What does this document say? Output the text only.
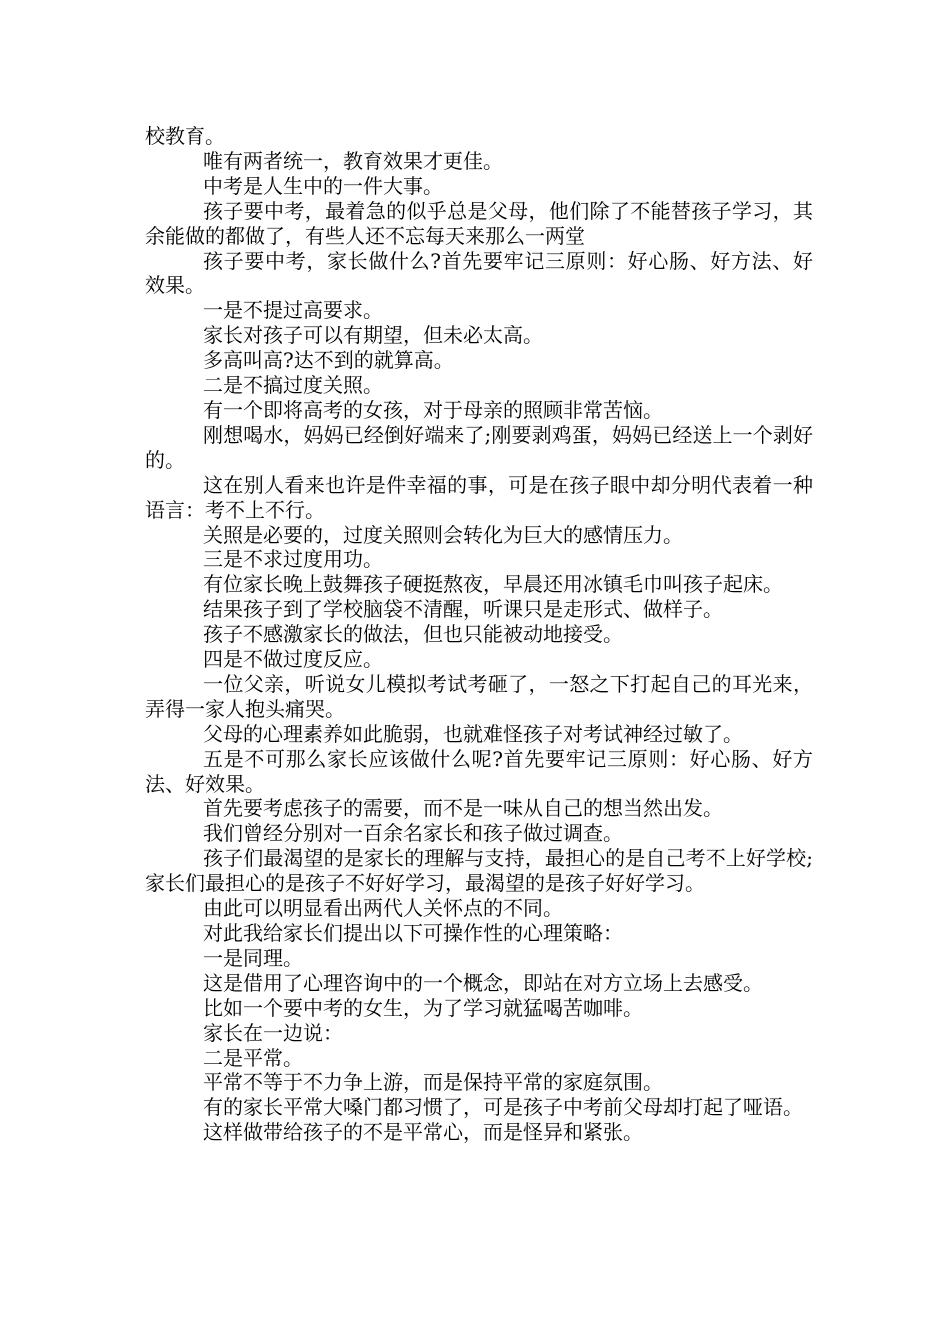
校教育。

唯有两者统一，教育效果才更佳。

中考是人生中的一件大事。

孩子要中考，最着急的似乎总是父母，他们除了不能替孩子学习，其余能做的都做了，有些人还不忘每天来那么一两堂

孩子要中考，家长做什么?首先要牢记三原则：好心肠、好方法、好效果。

一是不提过高要求。

家长对孩子可以有期望，但未必太高。

多高叫高?达不到的就算高。

二是不搞过度关照。

有一个即将高考的女孩，对于母亲的照顾非常苦恼。

刚想喝水，妈妈已经倒好端来了;刚要剥鸡蛋，妈妈已经送上一个剥好的。

这在别人看来也许是件幸福的事，可是在孩子眼中却分明代表着一种语言：考不上不行。

关照是必要的，过度关照则会转化为巨大的感情压力。

三是不求过度用功。

有位家长晚上鼓舞孩子硬挺熬夜，早晨还用冰镇毛巾叫孩子起床。

结果孩子到了学校脑袋不清醒，听课只是走形式、做样子。

孩子不感激家长的做法，但也只能被动地接受。

四是不做过度反应。

一位父亲，听说女儿模拟考试考砸了，一怒之下打起自己的耳光来，弄得一家人抱头痛哭。

父母的心理素养如此脆弱，也就难怪孩子对考试神经过敏了。

五是不可那么家长应该做什么呢?首先要牢记三原则：好心肠、好方法、好效果。

首先要考虑孩子的需要，而不是一味从自己的想当然出发。

我们曾经分别对一百余名家长和孩子做过调查。

孩子们最渴望的是家长的理解与支持，最担心的是自己考不上好学校;家长们最担心的是孩子不好好学习，最渴望的是孩子好好学习。

由此可以明显看出两代人关怀点的不同。

对此我给家长们提出以下可操作性的心理策略：

一是同理。

这是借用了心理咨询中的一个概念，即站在对方立场上去感受。

比如一个要中考的女生，为了学习就猛喝苦咖啡。

家长在一边说：

二是平常。

平常不等于不力争上游，而是保持平常的家庭氛围。

有的家长平常大嗓门都习惯了，可是孩子中考前父母却打起了哑语。

这样做带给孩子的不是平常心，而是怪异和紧张。
